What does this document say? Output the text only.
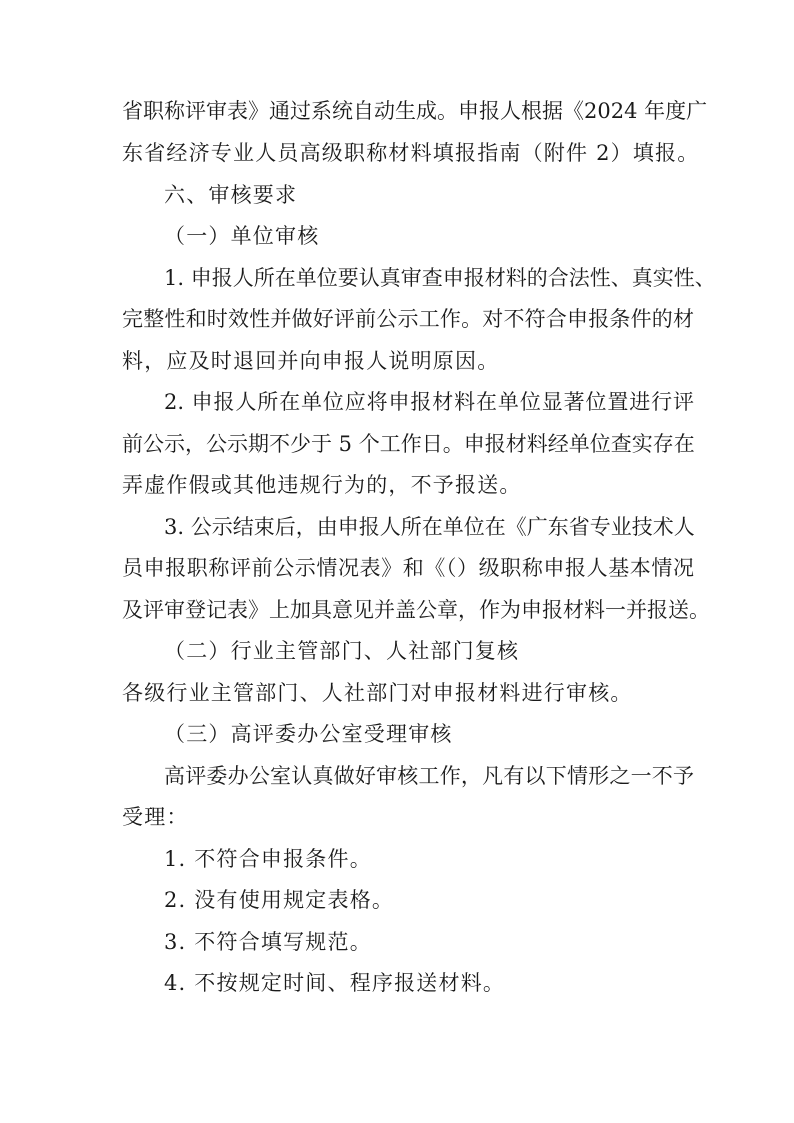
省职称评审表》通过系统自动生成。申报人根据《2024 年度广
东省经济专业人员高级职称材料填报指南（附件 2）填报。
六、审核要求
（一）单位审核
1. 申报人所在单位要认真审查申报材料的合法性、真实性、
完整性和时效性并做好评前公示工作。对不符合申报条件的材
料，应及时退回并向申报人说明原因。
2. 申报人所在单位应将申报材料在单位显著位置进行评
前公示，公示期不少于 5 个工作日。申报材料经单位查实存在
弄虚作假或其他违规行为的，不予报送。
3. 公示结束后，由申报人所在单位在《广东省专业技术人
员申报职称评前公示情况表》和《（）级职称申报人基本情况
及评审登记表》上加具意见并盖公章，作为申报材料一并报送。
（二）行业主管部门、人社部门复核
各级行业主管部门、人社部门对申报材料进行审核。
（三）高评委办公室受理审核
高评委办公室认真做好审核工作，凡有以下情形之一不予
受理：
1. 不符合申报条件。
2. 没有使用规定表格。
3. 不符合填写规范。
4. 不按规定时间、程序报送材料。
